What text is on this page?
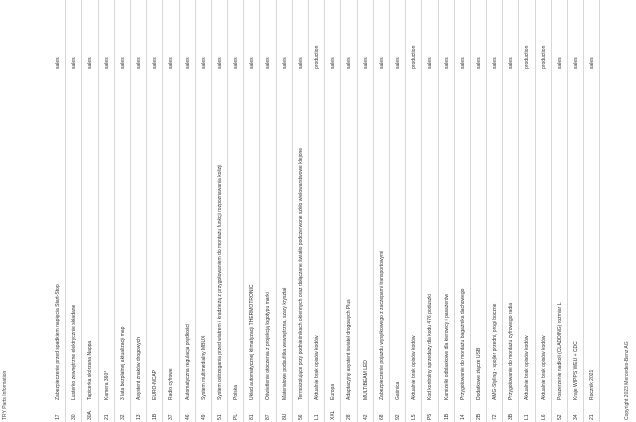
TRY Parts Information	17
Zabezpieczenie przed spadkiem napięcia Start-Stop
sales
30
Lusterko zewnętrzne elektrycznie składane
sales
30A
Tapicerka skórzana Nappa
sales
21
Kamera 360°
sales
32
3 lata bezpłatnej aktualizacji map
sales
13
Asystent znaków drogowych
sales
1B
EURO-NCAP
sales
37
Radio cyfrowe
sales
46
Automatyczna regulacja prędkości
sales
49
System multimedialny MBUX
sales
51
System ostrzegania przed wiatrem i kradzieżą z przygotowaniem do montażu funkcji rozpoznawania kolizji
sales
PL
Polska
sales
81
Układ automatycznej klimatyzacji THERMOTRONIC
sales
87
Oświetlenie otoczenia z projekcją logotypu marki
sales
8U
Materiałowe podsufitka wewnętrzna, szary kryształ
sales
56
Termoizolujące przy podnieśnikach okiennych oraz dołączane światło podczerwone szkło wielowarstwowe klejone
sales
L1
Aktualnie brak opisów kodów
production
XXL
Europa
sales
28
Adaptacyjny asystent świateł drogowych Plus
sales
42
MULTIBEAM LED
sales
68
Zabezpieczenie pojazdu wysyłkowego z zaczepami transportowymi
sales
92
Gaśnica
sales
L5
Aktualnie brak opisów kodów
production
P5
Kod kontrolny sprzedaży dla kodu 476 poduszki
sales
1B
Kamizelki odblaskowe dla kierowcy i pasażerów
sales
14
Przygotowanie do montażu bagażnika dachowego
sales
2B
Dodatkowe złącze USB
sales
72
AMG-Styling - spojler przedni, progi boczne
sales
3B
Przygotowanie do montażu cyfrowego radia
sales
L1
Aktualnie brak opisów kodów
production
L6
Aktualnie brak opisów kodów
production
52
Poszerzenie nadkoli (CLADDING) rozmiar L
sales
34
Kraje WIPPS WEU + CDC
sales
21
Rocznik 2021
sales
Copyright 2023 Mercedes-Benz AG
